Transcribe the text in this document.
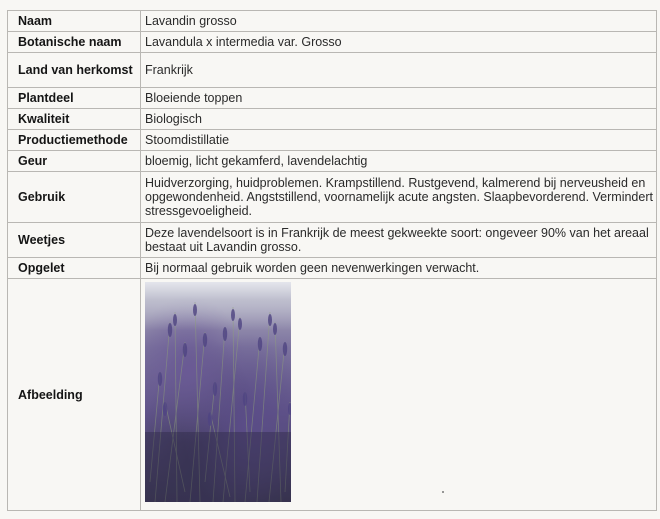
Naam	Lavandin grosso
Botanische naam	Lavandula x intermedia var. Grosso
Land van herkomst	Frankrijk
Plantdeel	Bloeiende toppen
Kwaliteit	Biologisch
Productiemethode	Stoomdistillatie
Geur	bloemig, licht gekamferd, lavendelachtig
Gebruik	Huidverzorging, huidproblemen. Krampstillend. Rustgevend, kalmerend bij nerveusheid en opgewondenheid. Angststillend, voornamelijk acute angsten. Slaapbevorderend. Vermindert stressgevoeligheid.
Weetjes	Deze lavendelsoort is in Frankrijk de meest gekweekte soort: ongeveer 90% van het areaal bestaat uit Lavandin grosso.
Opgelet	Bij normaal gebruik worden geen nevenwerkingen verwacht.
Afbeelding	
